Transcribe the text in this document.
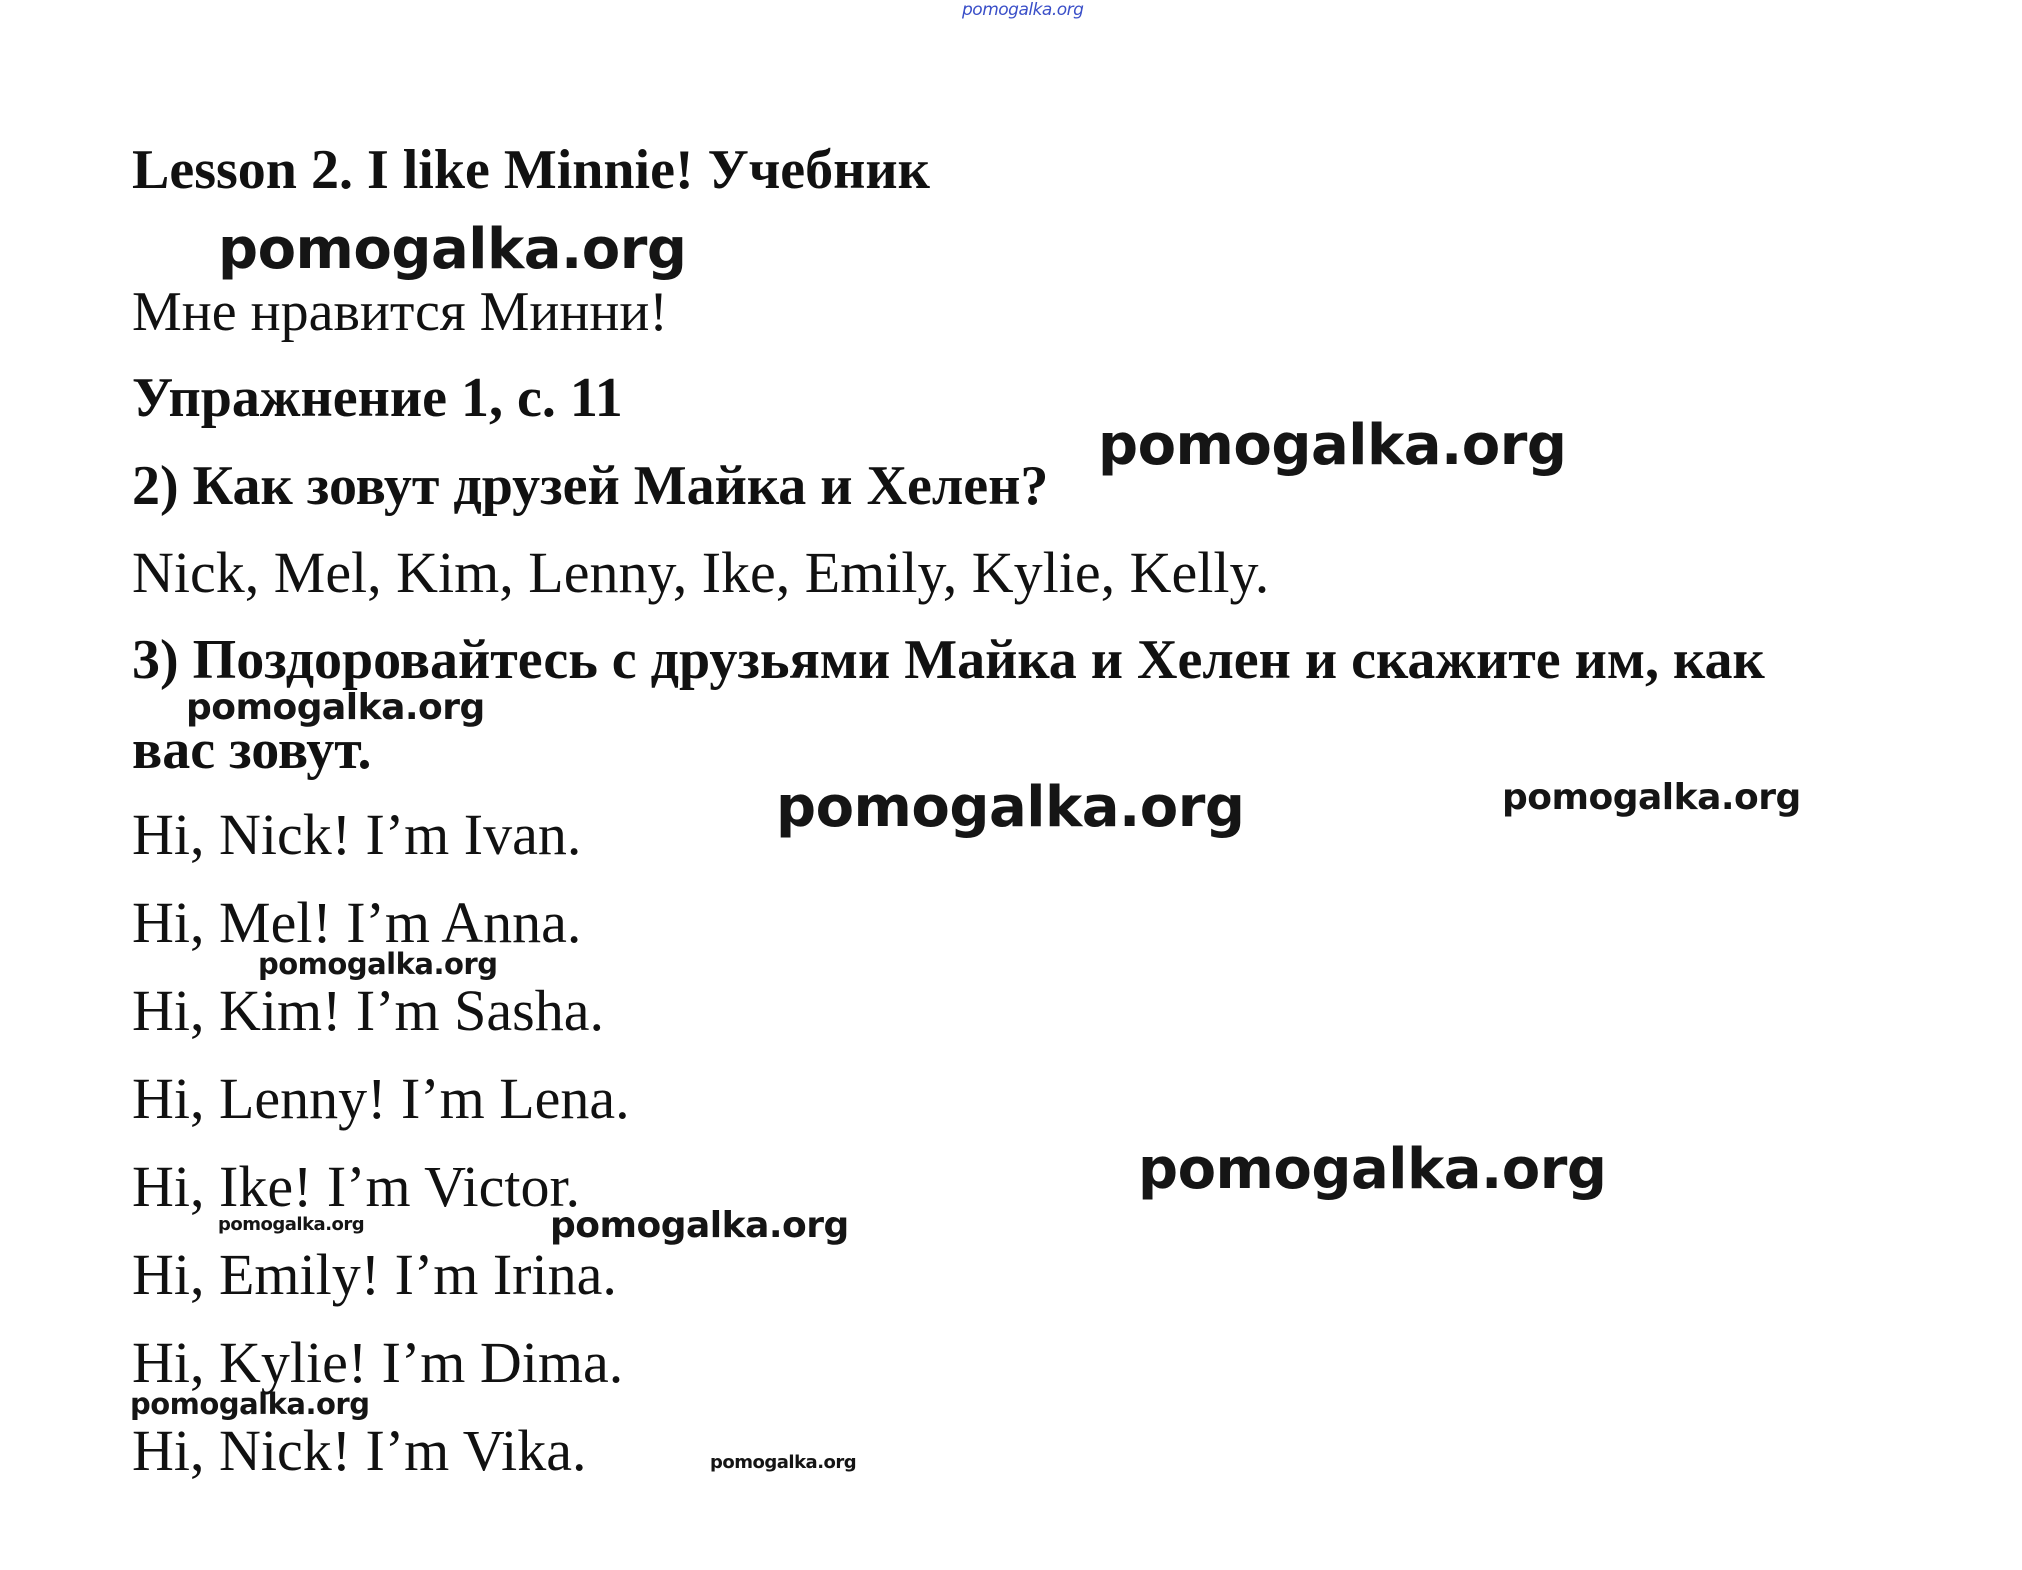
pomogalka.org
Lesson 2. I like Minnie! Учебник
Мне нравится Минни!
Упражнение 1, с. 11
2) Как зовут друзей Майка и Хелен?
Nick, Mel, Kim, Lenny, Ike, Emily, Kylie, Kelly.
3) Поздоровайтесь с друзьями Майка и Хелен и скажите им, как
вас зовут.
Hi, Nick! I’m Ivan.
Hi, Mel! I’m Anna.
Hi, Kim! I’m Sasha.
Hi, Lenny! I’m Lena.
Hi, Ike! I’m Victor.
Hi, Emily! I’m Irina.
Hi, Kylie! I’m Dima.
Hi, Nick! I’m Vika.
pomogalka.org
pomogalka.org
pomogalka.org
pomogalka.org	pomogalka.org
pomogalka.org
pomogalka.org
pomogalka.org	pomogalka.org
pomogalka.org
pomogalka.org
